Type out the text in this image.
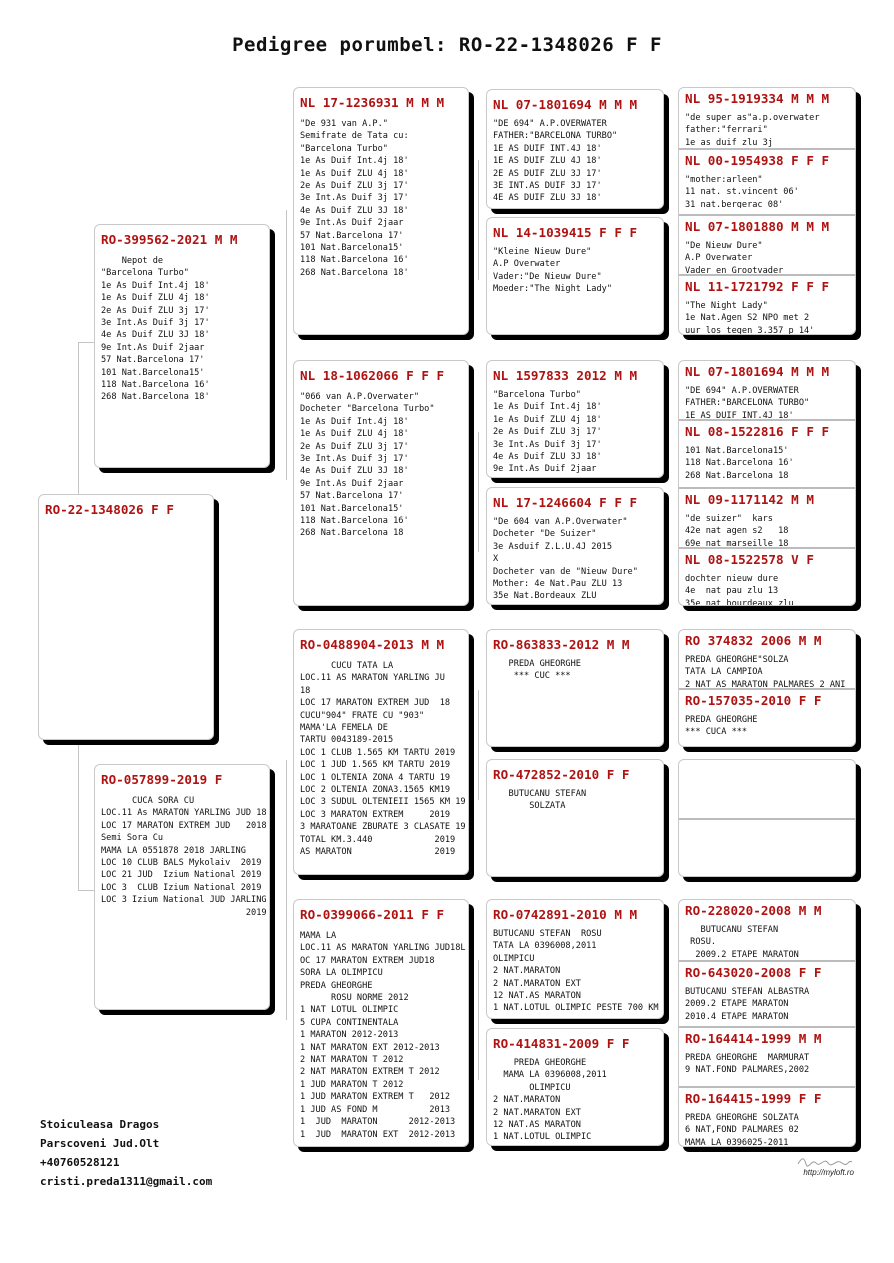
Pedigree porumbel: RO-22-1348026 F F
RO-22-1348026 F F
RO-399562-2021 M M
Nepot de
"Barcelona Turbo"
1e As Duif Int.4j 18'
1e As Duif ZLU 4j 18'
2e As Duif ZLU 3j 17'
3e Int.As Duif 3j 17'
4e As Duif ZLU 3J 18'
9e Int.As Duif 2jaar
57 Nat.Barcelona 17'
101 Nat.Barcelona15'
118 Nat.Barcelona 16'
268 Nat.Barcelona 18'
RO-057899-2019 F
CUCA SORA CU
LOC.11 As MARATON YARLING JUD 18
LOC 17 MARATON EXTREM JUD   2018
Semi Sora Cu
MAMA LA 0551878 2018 JARLING
LOC 10 CLUB BALS Mykolaiv  2019
LOC 21 JUD  Izium National 2019
LOC 3  CLUB Izium National 2019
LOC 3 Izium National JUD JARLING
2019
NL 17-1236931 M M M
"De 931 van A.P."
Semifrate de Tata cu:
"Barcelona Turbo"
1e As Duif Int.4j 18'
1e As Duif ZLU 4j 18'
2e As Duif ZLU 3j 17'
3e Int.As Duif 3j 17'
4e As Duif ZLU 3J 18'
9e Int.As Duif 2jaar
57 Nat.Barcelona 17'
101 Nat.Barcelona15'
118 Nat.Barcelona 16'
268 Nat.Barcelona 18'
NL 18-1062066 F F F
"066 van A.P.Overwater"
Docheter "Barcelona Turbo"
1e As Duif Int.4j 18'
1e As Duif ZLU 4j 18'
2e As Duif ZLU 3j 17'
3e Int.As Duif 3j 17'
4e As Duif ZLU 3J 18'
9e Int.As Duif 2jaar
57 Nat.Barcelona 17'
101 Nat.Barcelona15'
118 Nat.Barcelona 16'
268 Nat.Barcelona 18
RO-0488904-2013 M M
CUCU TATA LA
LOC.11 AS MARATON YARLING JU
18
LOC 17 MARATON EXTREM JUD  18
CUCU"904" FRATE CU "903"
MAMA'LA FEMELA DE
TARTU 0043189-2015
LOC 1 CLUB 1.565 KM TARTU 2019
LOC 1 JUD 1.565 KM TARTU 2019
LOC 1 OLTENIA ZONA 4 TARTU 19
LOC 2 OLTENIA ZONA3.1565 KM19
LOC 3 SUDUL OLTENIEII 1565 KM 19
LOC 3 MARATON EXTREM     2019
3 MARATOANE ZBURATE 3 CLASATE 19
TOTAL KM.3.440            2019
AS MARATON                2019
RO-0399066-2011 F F
MAMA LA
LOC.11 AS MARATON YARLING JUD18L
OC 17 MARATON EXTREM JUD18
SORA LA OLIMPICU
PREDA GHEORGHE
ROSU NORME 2012
1 NAT LOTUL OLIMPIC
5 CUPA CONTINENTALA
1 MARATON 2012-2013
1 NAT MARATON EXT 2012-2013
2 NAT MARATON T 2012
2 NAT MARATON EXTREM T 2012
1 JUD MARATON T 2012
1 JUD MARATON EXTREM T   2012
1 JUD AS FOND M          2013
1  JUD  MARATON      2012-2013
1  JUD  MARATON EXT  2012-2013
NL 07-1801694 M M M
"DE 694" A.P.OVERWATER
FATHER:"BARCELONA TURBO"
1E AS DUIF INT.4J 18'
1E AS DUIF ZLU 4J 18'
2E AS DUIF ZLU 3J 17'
3E INT.AS DUIF 3J 17'
4E AS DUIF ZLU 3J 18'
NL 14-1039415 F F F
"Kleine Nieuw Dure"
A.P Overwater
Vader:"De Nieuw Dure"
Moeder:"The Night Lady"
NL 1597833 2012 M M
"Barcelona Turbo"
1e As Duif Int.4j 18'
1e As Duif ZLU 4j 18'
2e As Duif ZLU 3j 17'
3e Int.As Duif 3j 17'
4e As Duif ZLU 3J 18'
9e Int.As Duif 2jaar
NL 17-1246604 F F F
"De 604 van A.P.Overwater"
Docheter "De Suizer"
3e Asduif Z.L.U.4J 2015
X
Docheter van de "Nieuw Dure"
Mother: 4e Nat.Pau ZLU 13
35e Nat.Bordeaux ZLU
RO-863833-2012 M M
PREDA GHEORGHE
*** CUC ***
RO-472852-2010 F F
BUTUCANU STEFAN
SOLZATA
RO-0742891-2010 M M
BUTUCANU STEFAN  ROSU
TATA LA 0396008,2011
OLIMPICU
2 NAT.MARATON
2 NAT.MARATON EXT
12 NAT.AS MARATON
1 NAT.LOTUL OLIMPIC PESTE 700 KM
RO-414831-2009 F F
PREDA GHEORGHE
MAMA LA 0396008,2011
OLIMPICU
2 NAT.MARATON
2 NAT.MARATON EXT
12 NAT.AS MARATON
1 NAT.LOTUL OLIMPIC
NL 95-1919334 M M M
"de super as"a.p.overwater
father:"ferrari"
1e as duif zlu 3j
NL 00-1954938 F F F
"mother:arleen"
11 nat. st.vincent 06'
31 nat.bergerac 08'
NL 07-1801880 M M M
"De Nieuw Dure"
A.P Overwater
Vader en Grootvader
NL 11-1721792 F F F
"The Night Lady"
1e Nat.Agen S2 NPO met 2
uur los tegen 3.357 p 14'
NL 07-1801694 M M M
"DE 694" A.P.OVERWATER
FATHER:"BARCELONA TURBO"
1E AS DUIF INT.4J 18'
NL 08-1522816 F F F
101 Nat.Barcelona15'
118 Nat.Barcelona 16'
268 Nat.Barcelona 18
NL 09-1171142 M M
"de suizer"  kars
42e nat agen s2   18
69e nat marseille 18
NL 08-1522578 V F
dochter nieuw dure
4e  nat pau zlu 13
35e nat bourdeaux zlu
RO 374832 2006 M M
PREDA GHEORGHE"SOLZA
TATA LA CAMPIOA
2 NAT AS MARATON PALMARES 2 ANI
RO-157035-2010 F F
PREDA GHEORGHE
*** CUCA ***
RO-228020-2008 M M
BUTUCANU STEFAN
ROSU.
2009.2 ETAPE MARATON
RO-643020-2008 F F
BUTUCANU STEFAN ALBASTRA
2009.2 ETAPE MARATON
2010.4 ETAPE MARATON
RO-164414-1999 M M
PREDA GHEORGHE  MARMURAT
9 NAT.FOND PALMARES,2002
RO-164415-1999 F F
PREDA GHEORGHE SOLZATA
6 NAT,FOND PALMARES 02
MAMA LA 0396025-2011
Stoiculeasa Dragos
Parscoveni Jud.Olt
+40760528121
cristi.preda1311@gmail.com
http://myloft.ro
